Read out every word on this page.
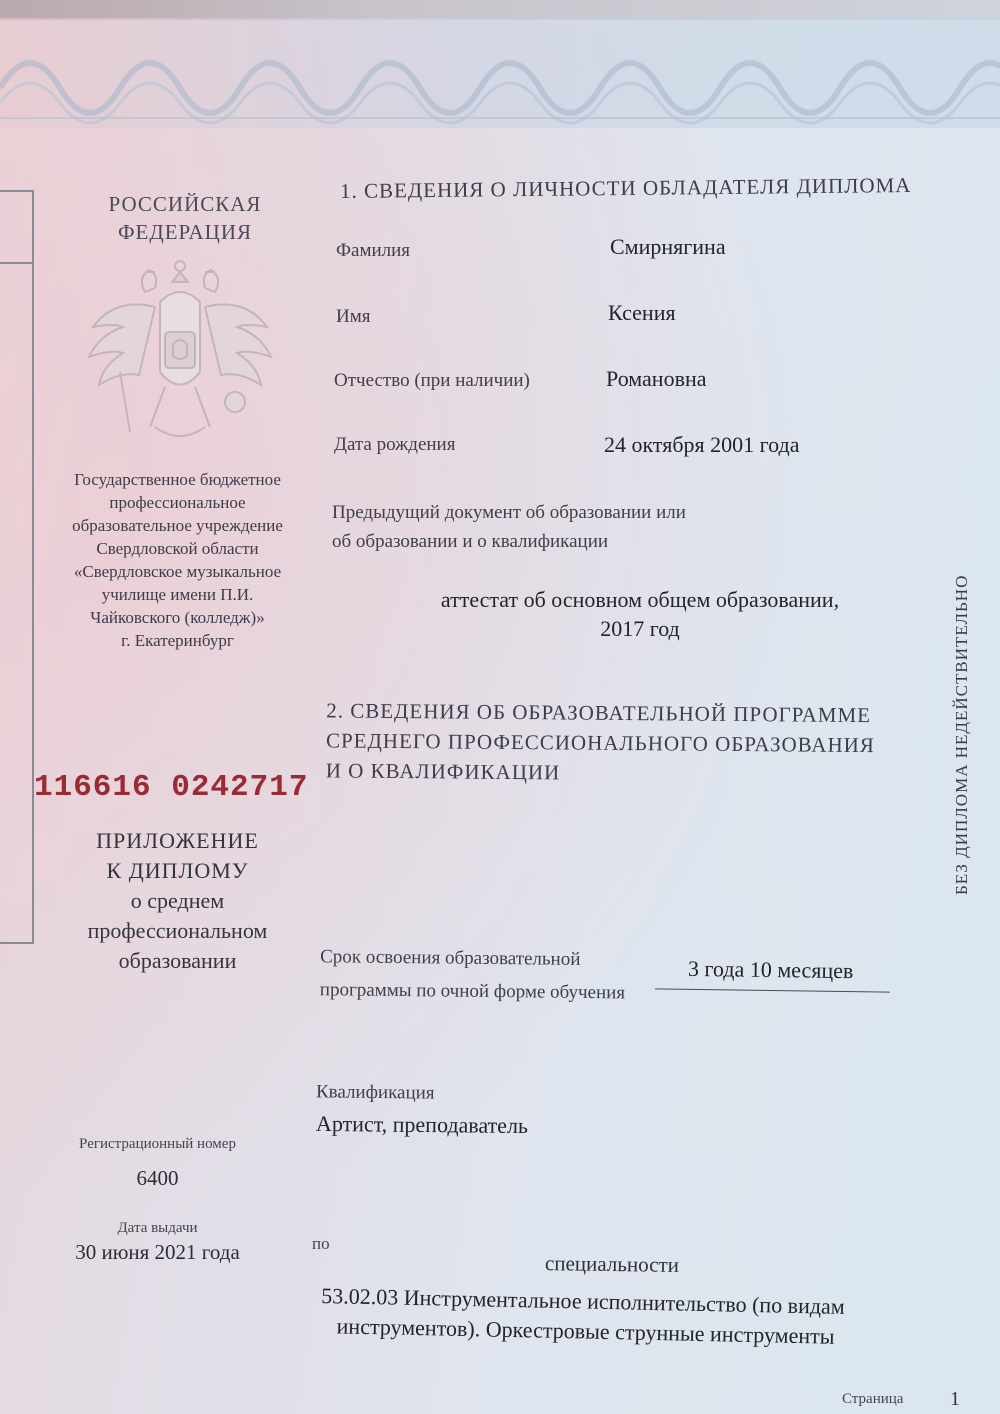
РОССИЙСКАЯ
ФЕДЕРАЦИЯ
Государственное бюджетное
профессиональное
образовательное учреждение
Свердловской области
«Свердловское музыкальное
училище имени П.И.
Чайковского (колледж)»
г. Екатеринбург
116616 0242717
ПРИЛОЖЕНИЕ
К ДИПЛОМУ
о среднем
профессиональном
образовании
Регистрационный номер
6400
Дата выдачи
30 июня 2021 года
1. СВЕДЕНИЯ О ЛИЧНОСТИ ОБЛАДАТЕЛЯ ДИПЛОМА
Фамилия	Смирнягина
Имя	Ксения
Отчество (при наличии)	Романовна
Дата рождения	24 октября 2001 года
Предыдущий документ об образовании или
об образовании и о квалификации
аттестат об основном общем образовании,
2017 год
2. СВЕДЕНИЯ ОБ ОБРАЗОВАТЕЛЬНОЙ ПРОГРАММЕ
СРЕДНЕГО ПРОФЕССИОНАЛЬНОГО ОБРАЗОВАНИЯ
И О КВАЛИФИКАЦИИ
Срок освоения образовательной
программы по очной форме обучения
3 года 10 месяцев
Квалификация
Артист, преподаватель
по
специальности
53.02.03 Инструментальное исполнительство (по видам
инструментов). Оркестровые струнные инструменты
БЕЗ ДИПЛОМА НЕДЕЙСТВИТЕЛЬНО
Страница 1
